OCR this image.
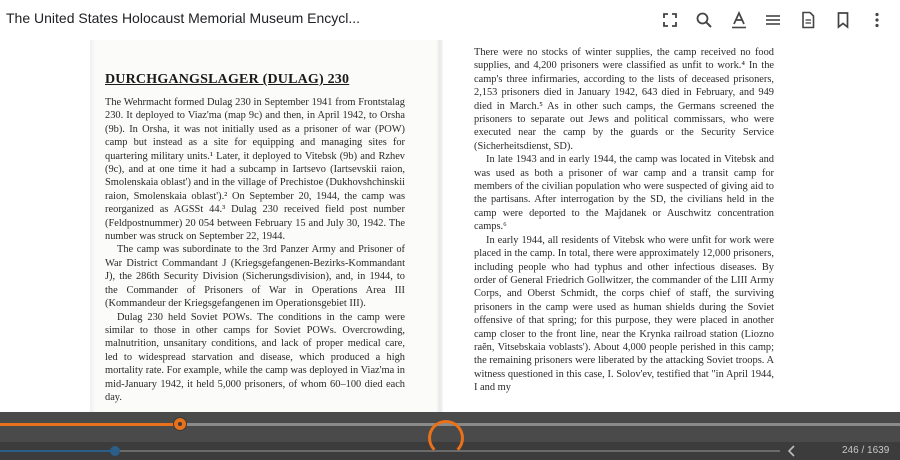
The United States Holocaust Memorial Museum Encycl...
DURCHGANGSLAGER (DULAG) 230

The Wehrmacht formed Dulag 230 in September 1941 from Frontstalag 230. It deployed to Viaz'ma (map 9c) and then, in April 1942, to Orsha (9b). In Orsha, it was not initially used as a prisoner of war (POW) camp but instead as a site for equipping and managing sites for quartering military units.¹ Later, it deployed to Vitebsk (9b) and Rzhev (9c), and at one time it had a subcamp in Iartsevo (Iartsevskii raion, Smolenskaia oblast') and in the village of Prechistoe (Dukhovshchinskii raion, Smolenskaia oblast').² On September 20, 1944, the camp was reorganized as AGSSt 44.³ Dulag 230 received field post number (Feldpostnummer) 20 054 between February 15 and July 30, 1942. The number was struck on September 22, 1944.

The camp was subordinate to the 3rd Panzer Army and Prisoner of War District Commandant J (Kriegsgefangenen-Bezirks-Kommandant J), the 286th Security Division (Sicherungsdivision), and, in 1944, to the Commander of Prisoners of War in Operations Area III (Kommandeur der Kriegsgefangenen im Operationsgebiet III).

Dulag 230 held Soviet POWs. The conditions in the camp were similar to those in other camps for Soviet POWs. Overcrowding, malnutrition, unsanitary conditions, and lack of proper medical care, led to widespread starvation and disease, which produced a high mortality rate. For example, while the camp was deployed in Viaz'ma in mid-January 1942, it held 5,000 prisoners, of whom 60–100 died each day.

There were no stocks of winter supplies, the camp received no food supplies, and 4,200 prisoners were classified as unfit to work.⁴ In the camp's three infirmaries, according to the lists of deceased prisoners, 2,153 prisoners died in January 1942, 643 died in February, and 949 died in March.⁵ As in other such camps, the Germans screened the prisoners to separate out Jews and political commissars, who were executed near the camp by the guards or the Security Service (Sicherheitsdienst, SD).

In late 1943 and in early 1944, the camp was located in Vitebsk and was used as both a prisoner of war camp and a transit camp for members of the civilian population who were suspected of giving aid to the partisans. After interrogation by the SD, the civilians held in the camp were deported to the Majdanek or Auschwitz concentration camps.⁶

In early 1944, all residents of Vitebsk who were unfit for work were placed in the camp. In total, there were approximately 12,000 prisoners, including people who had typhus and other infectious diseases. By order of General Friedrich Gollwitzer, the commander of the LIII Army Corps, and Oberst Schmidt, the corps chief of staff, the surviving prisoners in the camp were used as human shields during the Soviet offensive of that spring; for this purpose, they were placed in another camp closer to the front line, near the Krynka railroad station (Liozno raĕn, Vitsebskaia voblasts'). About 4,000 people perished in this camp; the remaining prisoners were liberated by the attacking Soviet troops. A witness questioned in this case, I. Solov'ev, testified that "in April 1944, I and my

246 / 1639
